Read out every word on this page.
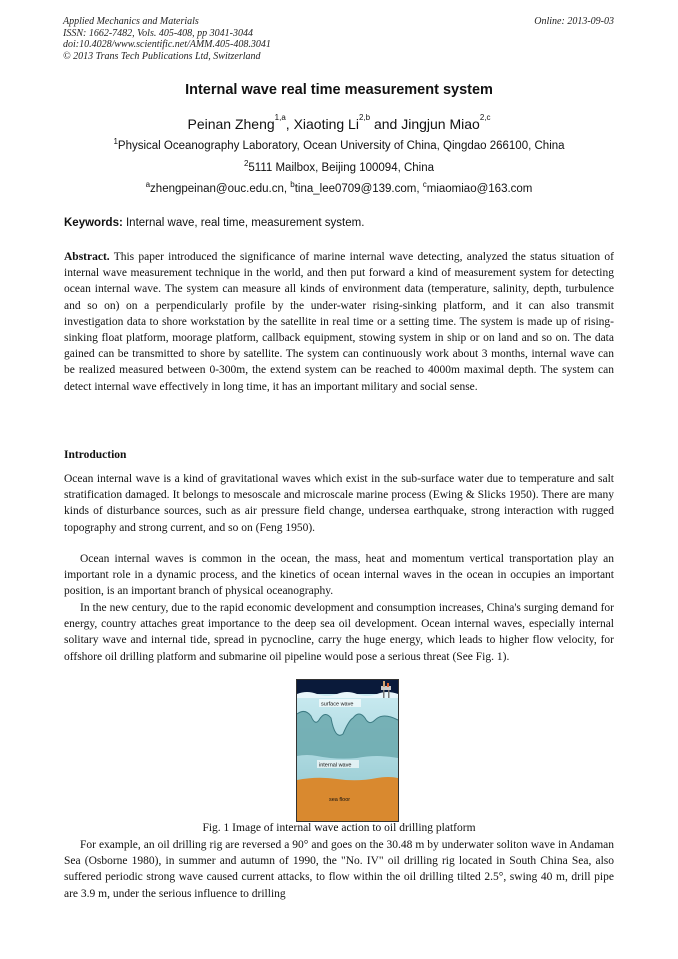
Applied Mechanics and Materials
ISSN: 1662-7482, Vols. 405-408, pp 3041-3044
doi:10.4028/www.scientific.net/AMM.405-408.3041
© 2013 Trans Tech Publications Ltd, Switzerland
Online: 2013-09-03
Internal wave real time measurement system
Peinan Zheng$^{1,a}$, Xiaoting Li$^{2,b}$ and Jingjun Miao$^{2,c}$
$^1$Physical Oceanography Laboratory, Ocean University of China, Qingdao 266100, China
$^2$5111 Mailbox, Beijing 100094, China
$^a$zhengpeinan@ouc.edu.cn, $^b$tina_lee0709@139.com, $^c$miaomiao@163.com
Keywords: Internal wave, real time, measurement system.
Abstract. This paper introduced the significance of marine internal wave detecting, analyzed the status situation of internal wave measurement technique in the world, and then put forward a kind of measurement system for detecting ocean internal wave. The system can measure all kinds of environment data (temperature, salinity, depth, turbulence and so on) on a perpendicularly profile by the under-water rising-sinking platform, and it can also transmit investigation data to shore workstation by the satellite in real time or a setting time. The system is made up of rising-sinking float platform, moorage platform, callback equipment, stowing system in ship or on land and so on. The data gained can be transmitted to shore by satellite. The system can continuously work about 3 months, internal wave can be realized measured between 0-300m, the extend system can be reached to 4000m maximal depth. The system can detect internal wave effectively in long time, it has an important military and social sense.
Introduction
Ocean internal wave is a kind of gravitational waves which exist in the sub-surface water due to temperature and salt stratification damaged. It belongs to mesoscale and microscale marine process (Ewing & Slicks 1950). There are many kinds of disturbance sources, such as air pressure field change, undersea earthquake, strong interaction with rugged topography and strong current, and so on (Feng 1950).
Ocean internal waves is common in the ocean, the mass, heat and momentum vertical transportation play an important role in a dynamic process, and the kinetics of ocean internal waves in the ocean in occupies an important position, is an important branch of physical oceanography.
In the new century, due to the rapid economic development and consumption increases, China's surging demand for energy, country attaches great importance to the deep sea oil development. Ocean internal waves, especially internal solitary wave and internal tide, spread in pycnocline, carry the huge energy, which leads to higher flow velocity, for offshore oil drilling platform and submarine oil pipeline would pose a serious threat (See Fig. 1).
surface wave
internal wave
sea floor
Fig. 1 Image of internal wave action to oil drilling platform
For example, an oil drilling rig are reversed a 90° and goes on the 30.48 m by underwater soliton wave in Andaman Sea (Osborne 1980), in summer and autumn of 1990, the "No. IV" oil drilling rig located in South China Sea, also suffered periodic strong wave caused current attacks, to flow within the oil drilling tilted 2.5°, swing 40 m, drill pipe are 3.9 m, under the serious influence to drilling
